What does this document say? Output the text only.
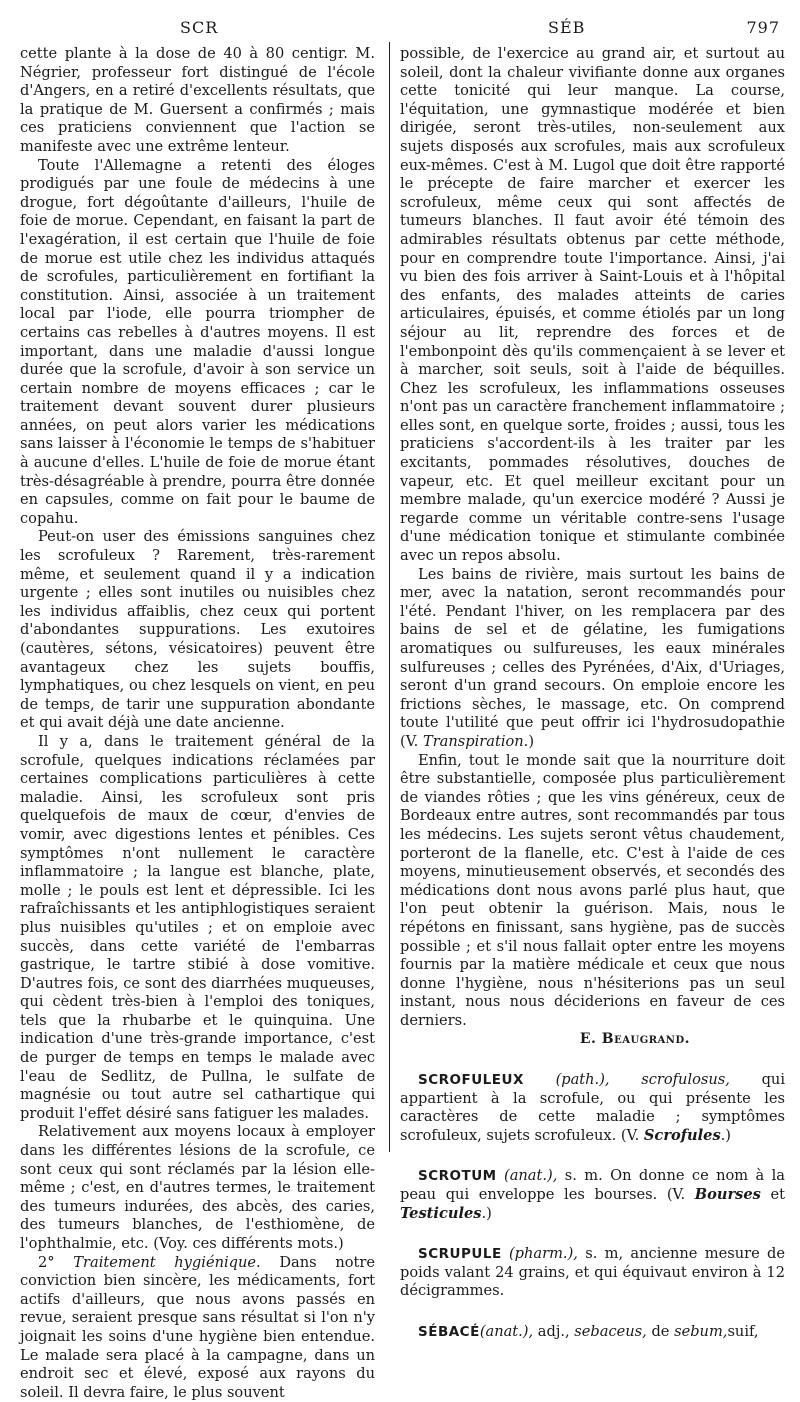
SCR	SÉB	797

cette plante à la dose de 40 à 80 centigr. M. Négrier, professeur fort distingué de l'école d'Angers, en a retiré d'excellents résultats, que la pratique de M. Guersent a confirmés ; mais ces praticiens conviennent que l'action se manifeste avec une extrême lenteur.

Toute l'Allemagne a retenti des éloges prodigués par une foule de médecins à une drogue, fort dégoûtante d'ailleurs, l'huile de foie de morue. Cependant, en faisant la part de l'exagération, il est certain que l'huile de foie de morue est utile chez les individus attaqués de scrofules, particulièrement en fortifiant la constitution. Ainsi, associée à un traitement local par l'iode, elle pourra triompher de certains cas rebelles à d'autres moyens. Il est important, dans une maladie d'aussi longue durée que la scrofule, d'avoir à son service un certain nombre de moyens efficaces ; car le traitement devant souvent durer plusieurs années, on peut alors varier les médications sans laisser à l'économie le temps de s'habituer à aucune d'elles. L'huile de foie de morue étant très-désagréable à prendre, pourra être donnée en capsules, comme on fait pour le baume de copahu.

Peut-on user des émissions sanguines chez les scrofuleux ? Rarement, très-rarement même, et seulement quand il y a indication urgente ; elles sont inutiles ou nuisibles chez les individus affaiblis, chez ceux qui portent d'abondantes suppurations. Les exutoires (cautères, sétons, vésicatoires) peuvent être avantageux chez les sujets bouffis, lymphatiques, ou chez lesquels on vient, en peu de temps, de tarir une suppuration abondante et qui avait déjà une date ancienne.

Il y a, dans le traitement général de la scrofule, quelques indications réclamées par certaines complications particulières à cette maladie. Ainsi, les scrofuleux sont pris quelquefois de maux de cœur, d'envies de vomir, avec digestions lentes et pénibles. Ces symptômes n'ont nullement le caractère inflammatoire ; la langue est blanche, plate, molle ; le pouls est lent et dépressible. Ici les rafraîchissants et les antiphlogistiques seraient plus nuisibles qu'utiles ; et on emploie avec succès, dans cette variété de l'embarras gastrique, le tartre stibié à dose vomitive. D'autres fois, ce sont des diarrhées muqueuses, qui cèdent très-bien à l'emploi des toniques, tels que la rhubarbe et le quinquina. Une indication d'une très-grande importance, c'est de purger de temps en temps le malade avec l'eau de Sedlitz, de Pullna, le sulfate de magnésie ou tout autre sel cathartique qui produit l'effet désiré sans fatiguer les malades.

Relativement aux moyens locaux à employer dans les différentes lésions de la scrofule, ce sont ceux qui sont réclamés par la lésion elle-même ; c'est, en d'autres termes, le traitement des tumeurs indurées, des abcès, des caries, des tumeurs blanches, de l'esthiomène, de l'ophthalmie, etc. (Voy. ces différents mots.)

2° Traitement hygiénique. Dans notre conviction bien sincère, les médicaments, fort actifs d'ailleurs, que nous avons passés en revue, seraient presque sans résultat si l'on n'y joignait les soins d'une hygiène bien entendue. Le malade sera placé à la campagne, dans un endroit sec et élevé, exposé aux rayons du soleil. Il devra faire, le plus souvent

possible, de l'exercice au grand air, et surtout au soleil, dont la chaleur vivifiante donne aux organes cette tonicité qui leur manque. La course, l'équitation, une gymnastique modérée et bien dirigée, seront très-utiles, non-seulement aux sujets disposés aux scrofules, mais aux scrofuleux eux-mêmes. C'est à M. Lugol que doit être rapporté le précepte de faire marcher et exercer les scrofuleux, même ceux qui sont affectés de tumeurs blanches. Il faut avoir été témoin des admirables résultats obtenus par cette méthode, pour en comprendre toute l'importance. Ainsi, j'ai vu bien des fois arriver à Saint-Louis et à l'hôpital des enfants, des malades atteints de caries articulaires, épuisés, et comme étiolés par un long séjour au lit, reprendre des forces et de l'embonpoint dès qu'ils commençaient à se lever et à marcher, soit seuls, soit à l'aide de béquilles. Chez les scrofuleux, les inflammations osseuses n'ont pas un caractère franchement inflammatoire ; elles sont, en quelque sorte, froides ; aussi, tous les praticiens s'accordent-ils à les traiter par les excitants, pommades résolutives, douches de vapeur, etc. Et quel meilleur excitant pour un membre malade, qu'un exercice modéré ? Aussi je regarde comme un véritable contre-sens l'usage d'une médication tonique et stimulante combinée avec un repos absolu.

Les bains de rivière, mais surtout les bains de mer, avec la natation, seront recommandés pour l'été. Pendant l'hiver, on les remplacera par des bains de sel et de gélatine, les fumigations aromatiques ou sulfureuses, les eaux minérales sulfureuses ; celles des Pyrénées, d'Aix, d'Uriages, seront d'un grand secours. On emploie encore les frictions sèches, le massage, etc. On comprend toute l'utilité que peut offrir ici l'hydrosudopathie (V. Transpiration.)

Enfin, tout le monde sait que la nourriture doit être substantielle, composée plus particulièrement de viandes rôties ; que les vins généreux, ceux de Bordeaux entre autres, sont recommandés par tous les médecins. Les sujets seront vêtus chaudement, porteront de la flanelle, etc. C'est à l'aide de ces moyens, minutieusement observés, et secondés des médications dont nous avons parlé plus haut, que l'on peut obtenir la guérison. Mais, nous le répétons en finissant, sans hygiène, pas de succès possible ; et s'il nous fallait opter entre les moyens fournis par la matière médicale et ceux que nous donne l'hygiène, nous n'hésiterions pas un seul instant, nous nous déciderions en faveur de ces derniers.

E. Beaugrand.

SCROFULEUX (path.), scrofulosus, qui appartient à la scrofule, ou qui présente les caractères de cette maladie ; symptômes scrofuleux, sujets scrofuleux. (V. Scrofules.)

SCROTUM (anat.), s. m. On donne ce nom à la peau qui enveloppe les bourses. (V. Bourses et Testicules.)

SCRUPULE (pharm.), s. m, ancienne mesure de poids valant 24 grains, et qui équivaut environ à 12 décigrammes.

SÉBACÉ(anat.), adj., sebaceus, de sebum,suif,
